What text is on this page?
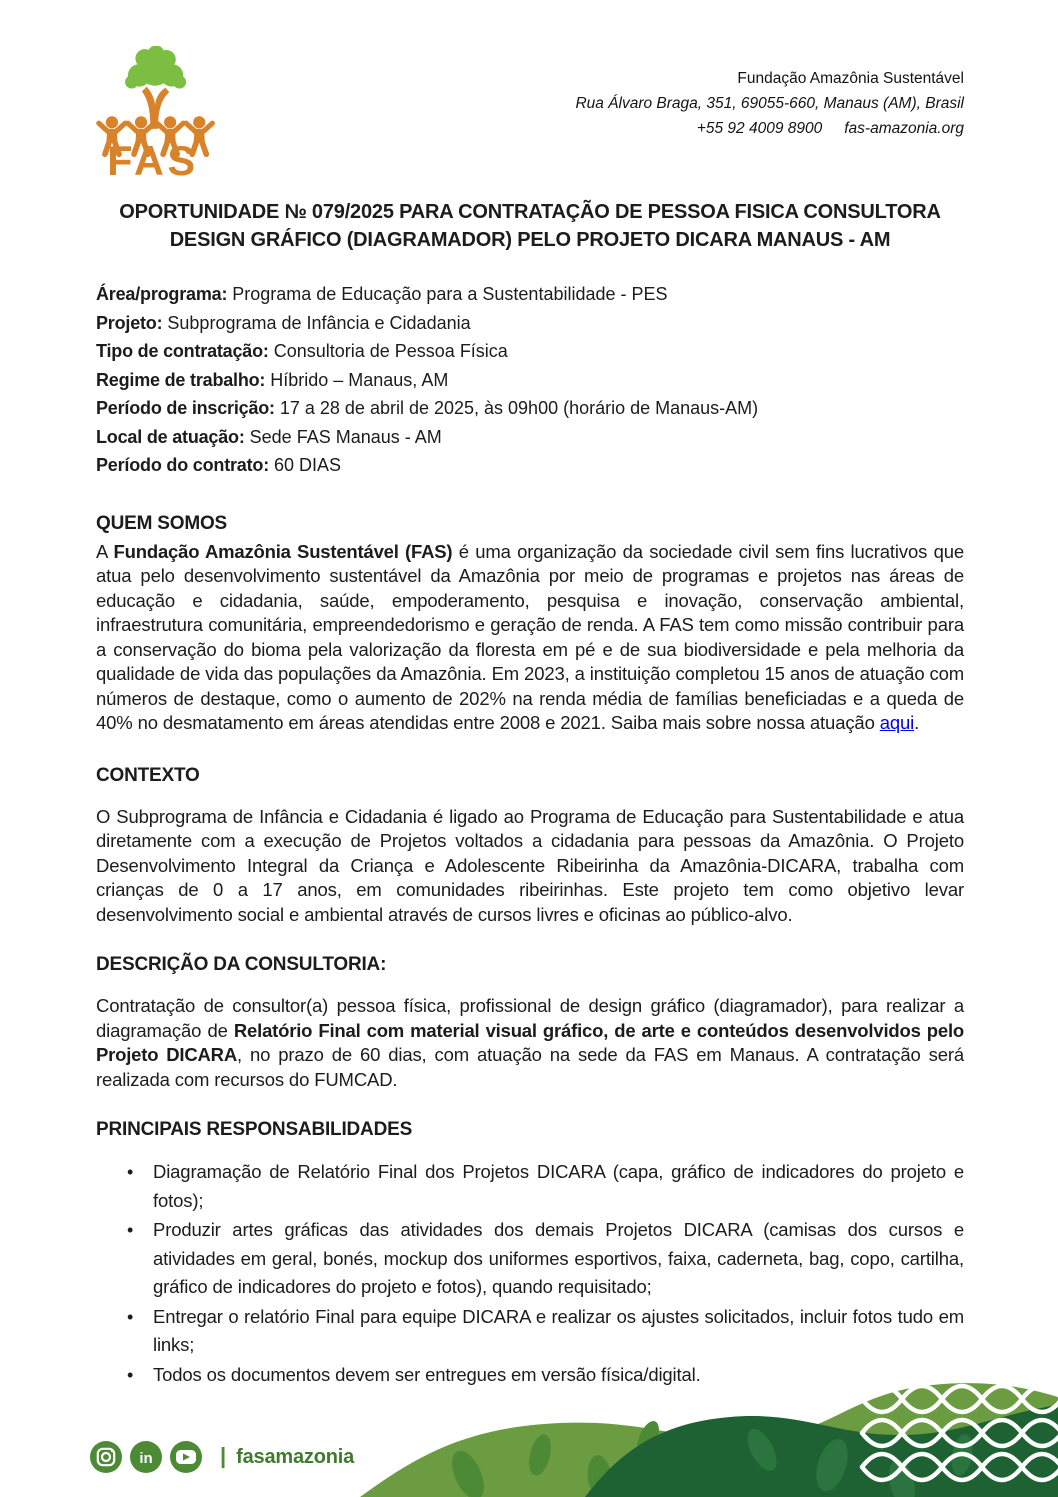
FAS
Fundação Amazônia Sustentável
Rua Álvaro Braga, 351, 69055-660, Manaus (AM), Brasil
+55 92 4009 8900 fas-amazonia.org
OPORTUNIDADE № 079/2025 PARA CONTRATAÇÃO DE PESSOA FISICA CONSULTORA
DESIGN GRÁFICO (DIAGRAMADOR) PELO PROJETO DICARA MANAUS - AM
Área/programa: Programa de Educação para a Sustentabilidade - PES
Projeto: Subprograma de Infância e Cidadania
Tipo de contratação: Consultoria de Pessoa Física
Regime de trabalho: Híbrido – Manaus, AM
Período de inscrição: 17 a 28 de abril de 2025, às 09h00 (horário de Manaus-AM)
Local de atuação: Sede FAS Manaus - AM
Período do contrato: 60 DIAS
QUEM SOMOS

A Fundação Amazônia Sustentável (FAS) é uma organização da sociedade civil sem fins lucrativos que atua pelo desenvolvimento sustentável da Amazônia por meio de programas e projetos nas áreas de educação e cidadania, saúde, empoderamento, pesquisa e inovação, conservação ambiental, infraestrutura comunitária, empreendedorismo e geração de renda. A FAS tem como missão contribuir para a conservação do bioma pela valorização da floresta em pé e de sua biodiversidade e pela melhoria da qualidade de vida das populações da Amazônia. Em 2023, a instituição completou 15 anos de atuação com números de destaque, como o aumento de 202% na renda média de famílias beneficiadas e a queda de 40% no desmatamento em áreas atendidas entre 2008 e 2021. Saiba mais sobre nossa atuação aqui.

CONTEXTO

O Subprograma de Infância e Cidadania é ligado ao Programa de Educação para Sustentabilidade e atua diretamente com a execução de Projetos voltados a cidadania para pessoas da Amazônia. O Projeto Desenvolvimento Integral da Criança e Adolescente Ribeirinha da Amazônia-DICARA, trabalha com crianças de 0 a 17 anos, em comunidades ribeirinhas. Este projeto tem como objetivo levar desenvolvimento social e ambiental através de cursos livres e oficinas ao público-alvo.

DESCRIÇÃO DA CONSULTORIA:

Contratação de consultor(a) pessoa física, profissional de design gráfico (diagramador), para realizar a diagramação de Relatório Final com material visual gráfico, de arte e conteúdos desenvolvidos pelo Projeto DICARA, no prazo de 60 dias, com atuação na sede da FAS em Manaus. A contratação será realizada com recursos do FUMCAD.

PRINCIPAIS RESPONSABILIDADES
• Diagramação de Relatório Final dos Projetos DICARA (capa, gráfico de indicadores do projeto e fotos);
• Produzir artes gráficas das atividades dos demais Projetos DICARA (camisas dos cursos e atividades em geral, bonés, mockup dos uniformes esportivos, faixa, caderneta, bag, copo, cartilha, gráfico de indicadores do projeto e fotos), quando requisitado;
• Entregar o relatório Final para equipe DICARA e realizar os ajustes solicitados, incluir fotos tudo em links;
• Todos os documentos devem ser entregues em versão física/digital.
in	| fasamazonia
